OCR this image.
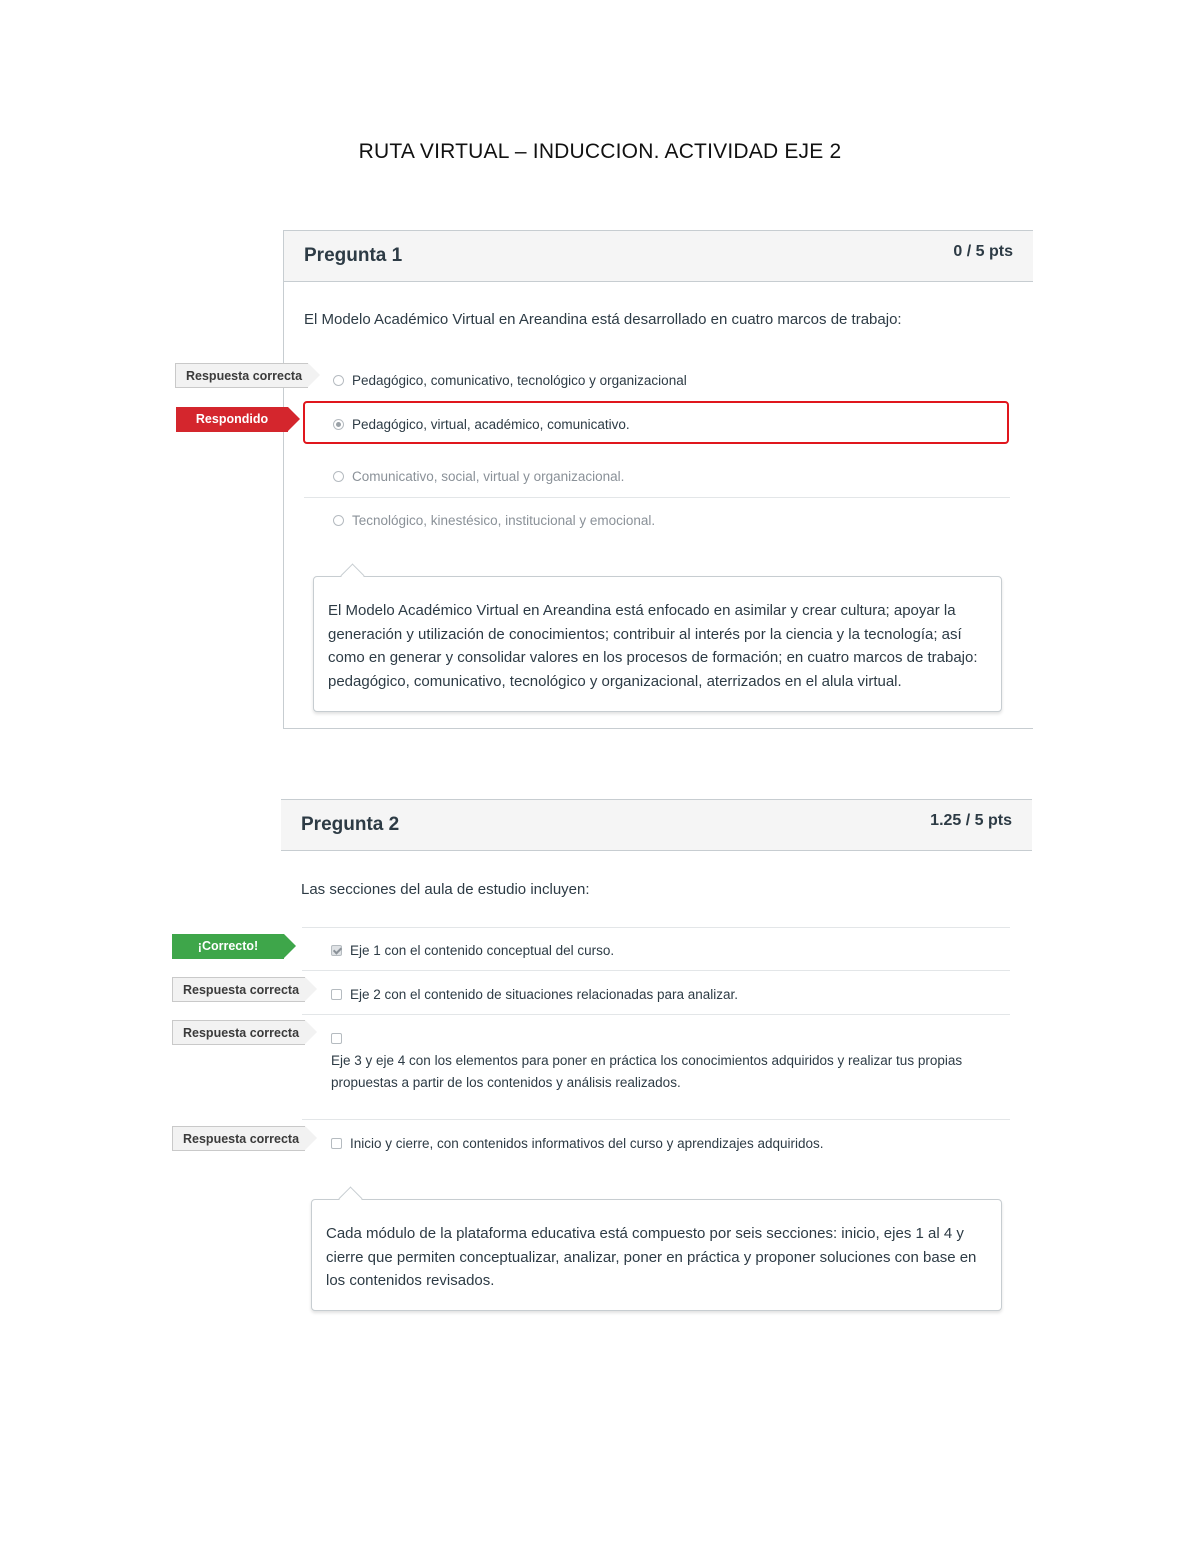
RUTA VIRTUAL – INDUCCION. ACTIVIDAD EJE 2
Pregunta 1	0 / 5 pts
El Modelo Académico Virtual en Areandina está desarrollado en cuatro marcos de trabajo:
Respuesta correcta
Respondido
Pedagógico, comunicativo, tecnológico y organizacional
Pedagógico, virtual, académico, comunicativo.
Comunicativo, social, virtual y organizacional.
Tecnológico, kinestésico, institucional y emocional.
El Modelo Académico Virtual en Areandina está enfocado en asimilar y crear cultura; apoyar la generación y utilización de conocimientos; contribuir al interés por la ciencia y la tecnología; así como en generar y consolidar valores en los procesos de formación; en cuatro marcos de trabajo: pedagógico, comunicativo, tecnológico y organizacional, aterrizados en el alula virtual.
Pregunta 2	1.25 / 5 pts
Las secciones del aula de estudio incluyen:
¡Correcto!
Respuesta correcta
Respuesta correcta
Respuesta correcta
Eje 1 con el contenido conceptual del curso.
Eje 2 con el contenido de situaciones relacionadas para analizar.

Eje 3 y eje 4 con los elementos para poner en práctica los conocimientos adquiridos y realizar tus propias propuestas a partir de los contenidos y análisis realizados.
Inicio y cierre, con contenidos informativos del curso y aprendizajes adquiridos.
Cada módulo de la plataforma educativa está compuesto por seis secciones: inicio, ejes 1 al 4 y cierre que permiten conceptualizar, analizar, poner en práctica y proponer soluciones con base en los contenidos revisados.
